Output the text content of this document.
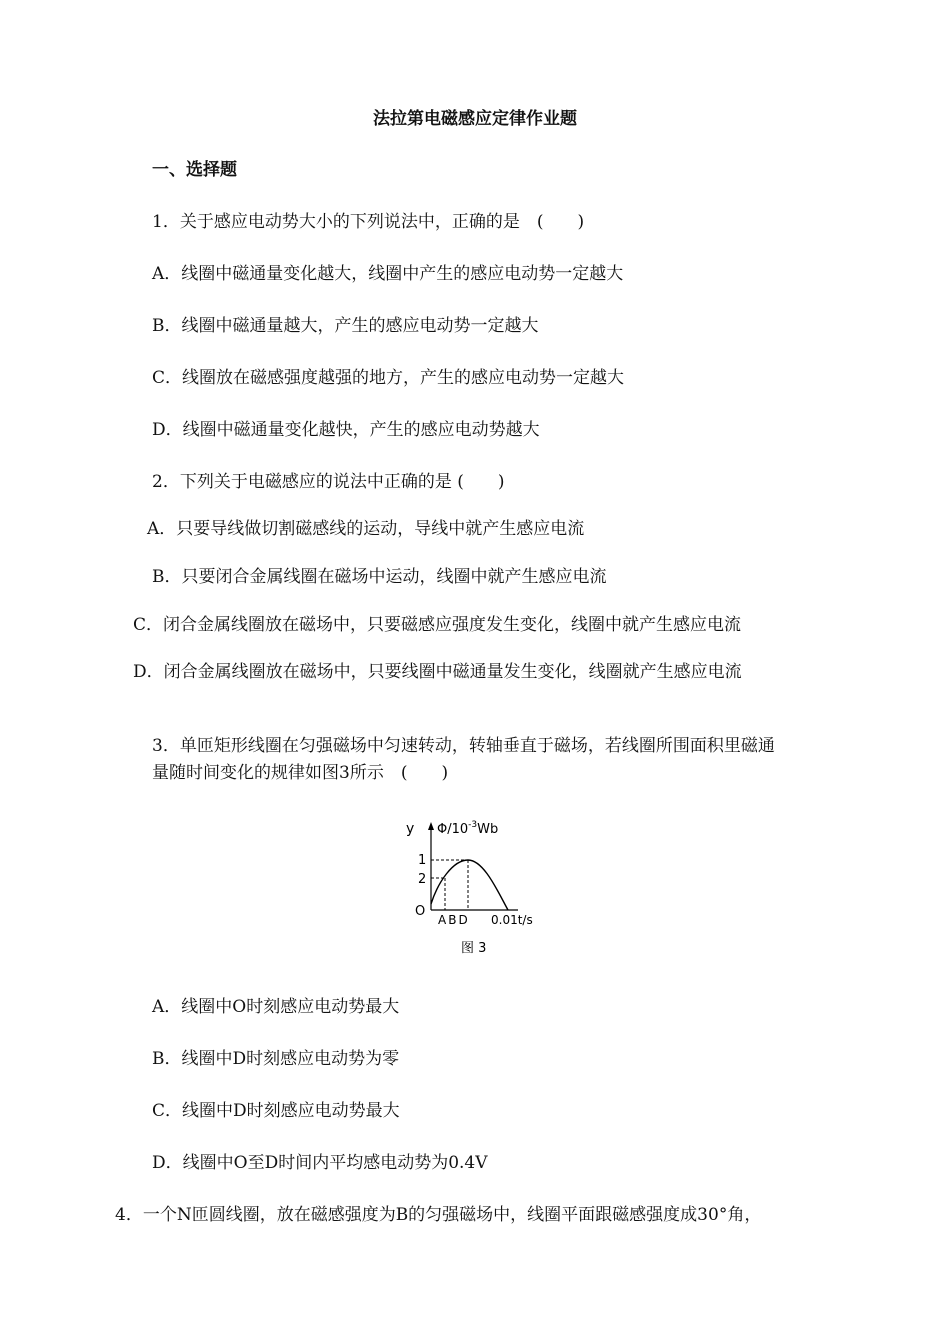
法拉第电磁感应定律作业题
一、选择题
1．关于感应电动势大小的下列说法中，正确的是　(　　)
A．线圈中磁通量变化越大，线圈中产生的感应电动势一定越大
B．线圈中磁通量越大，产生的感应电动势一定越大
C．线圈放在磁感强度越强的地方，产生的感应电动势一定越大
D．线圈中磁通量变化越快，产生的感应电动势越大
2．下列关于电磁感应的说法中正确的是 (　　)
A．只要导线做切割磁感线的运动，导线中就产生感应电流
B．只要闭合金属线圈在磁场中运动，线圈中就产生感应电流
C．闭合金属线圈放在磁场中，只要磁感应强度发生变化，线圈中就产生感应电流
D．闭合金属线圈放在磁场中，只要线圈中磁通量发生变化，线圈就产生感应电流
3．单匝矩形线圈在匀强磁场中匀速转动，转轴垂直于磁场，若线圈所围面积里磁通
量随时间变化的规律如图3所示　(　　)
y $\Phi/10^{-3}Wb$
1
2
O
ABD 0.01t/s
图 3
A．线圈中O时刻感应电动势最大
B．线圈中D时刻感应电动势为零
C．线圈中D时刻感应电动势最大
D．线圈中O至D时间内平均感电动势为0.4V
4．一个N匝圆线圈，放在磁感强度为B的匀强磁场中，线圈平面跟磁感强度成30°角，
